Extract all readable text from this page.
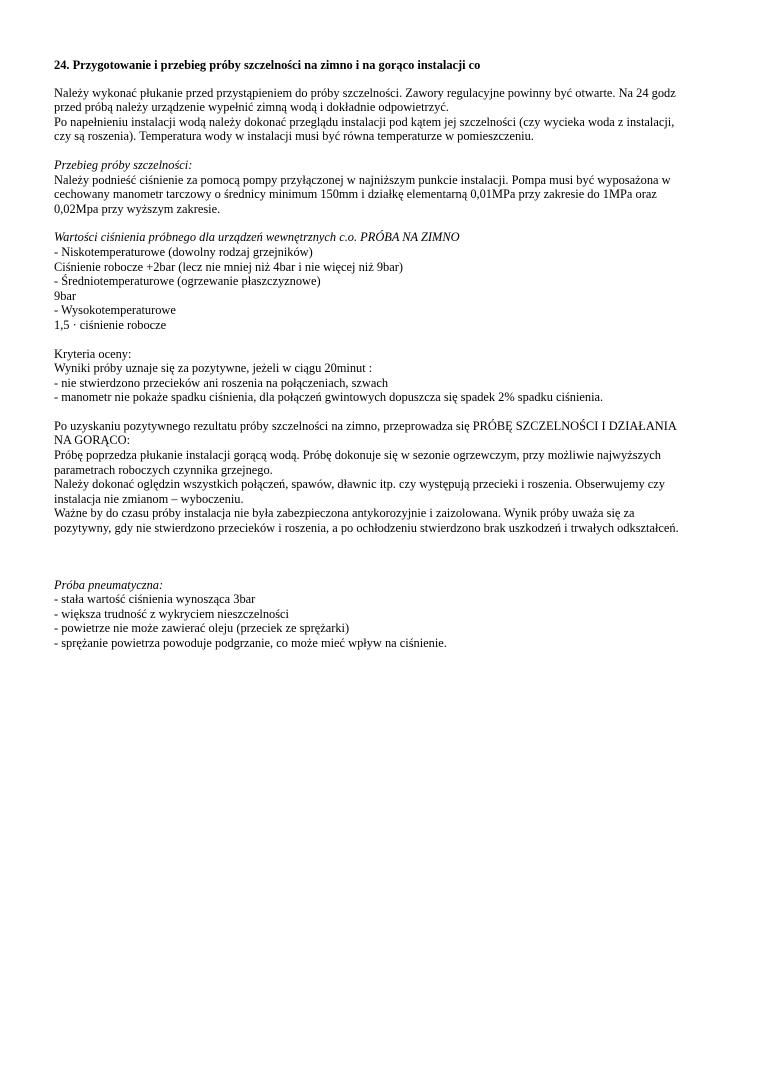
24. Przygotowanie i przebieg próby szczelności na zimno i na gorąco instalacji co
Należy wykonać płukanie przed przystąpieniem do próby szczelności. Zawory regulacyjne powinny być otwarte. Na 24 godz
przed próbą należy urządzenie wypełnić zimną wodą i dokładnie odpowietrzyć.
Po napełnieniu instalacji wodą należy dokonać przeglądu instalacji pod kątem jej szczelności (czy wycieka woda z instalacji,
czy są roszenia). Temperatura wody w instalacji musi być równa temperaturze w pomieszczeniu.
Przebieg próby szczelności:
Należy podnieść ciśnienie za pomocą pompy przyłączonej w najniższym punkcie instalacji. Pompa musi być wyposażona w
cechowany manometr tarczowy o średnicy minimum 150mm i działkę elementarną 0,01MPa przy zakresie do 1MPa oraz
0,02Mpa przy wyższym zakresie.
Wartości ciśnienia próbnego dla urządzeń wewnętrznych c.o. PRÓBA NA ZIMNO
- Niskotemperaturowe (dowolny rodzaj grzejników)
Ciśnienie robocze +2bar (lecz nie mniej niż 4bar i nie więcej niż 9bar)
- Średniotemperaturowe (ogrzewanie płaszczyznowe)
9bar
- Wysokotemperaturowe
1,5 · ciśnienie robocze
Kryteria oceny:
Wyniki próby uznaje się za pozytywne, jeżeli w ciągu 20minut :
- nie stwierdzono przecieków ani roszenia na połączeniach, szwach
- manometr nie pokaże spadku ciśnienia, dla połączeń gwintowych dopuszcza się spadek 2% spadku ciśnienia.
Po uzyskaniu pozytywnego rezultatu próby szczelności na zimno, przeprowadza się PRÓBĘ SZCZELNOŚCI I DZIAŁANIA
NA GORĄCO:
Próbę poprzedza płukanie instalacji gorącą wodą. Próbę dokonuje się w sezonie ogrzewczym, przy możliwie najwyższych
parametrach roboczych czynnika grzejnego.
Należy dokonać oględzin wszystkich połączeń, spawów, dławnic itp. czy występują przecieki i roszenia. Obserwujemy czy
instalacja nie zmianom – wyboczeniu.
Ważne by do czasu próby instalacja nie była zabezpieczona antykorozyjnie i zaizolowana. Wynik próby uważa się za
pozytywny, gdy nie stwierdzono przecieków i roszenia, a po ochłodzeniu stwierdzono brak uszkodzeń i trwałych odkształceń.
Próba pneumatyczna:
- stała wartość ciśnienia wynosząca 3bar
- większa trudność z wykryciem nieszczelności
- powietrze nie może zawierać oleju (przeciek ze sprężarki)
- sprężanie powietrza powoduje podgrzanie, co może mieć wpływ na ciśnienie.
